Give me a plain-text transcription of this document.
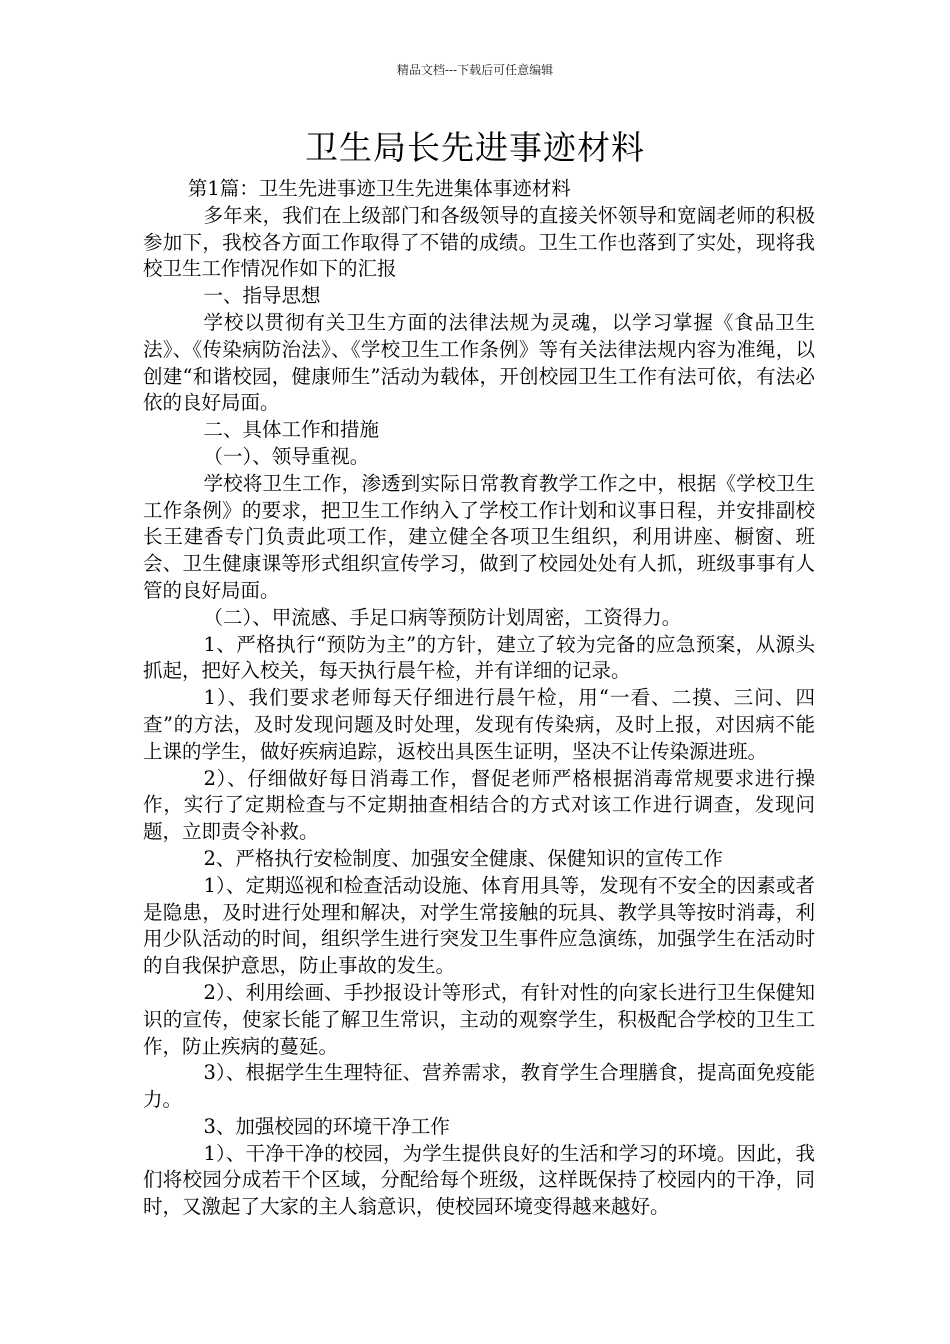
精品文档---下载后可任意编辑
卫生局长先进事迹材料

第1篇：卫生先进事迹卫生先进集体事迹材料

多年来，我们在上级部门和各级领导的直接关怀领导和宽阔老师的积极参加下，我校各方面工作取得了不错的成绩。卫生工作也落到了实处，现将我校卫生工作情况作如下的汇报

一、指导思想

学校以贯彻有关卫生方面的法律法规为灵魂，以学习掌握《食品卫生法》、《传染病防治法》、《学校卫生工作条例》等有关法律法规内容为准绳，以创建“和谐校园，健康师生”活动为载体，开创校园卫生工作有法可依，有法必依的良好局面。

二、具体工作和措施

（一）、领导重视。

学校将卫生工作，渗透到实际日常教育教学工作之中，根据《学校卫生工作条例》的要求，把卫生工作纳入了学校工作计划和议事日程，并安排副校长王建香专门负责此项工作，建立健全各项卫生组织，利用讲座、橱窗、班会、卫生健康课等形式组织宣传学习，做到了校园处处有人抓，班级事事有人管的良好局面。

（二）、甲流感、手足口病等预防计划周密，工资得力。

1、严格执行“预防为主”的方针，建立了较为完备的应急预案，从源头抓起，把好入校关，每天执行晨午检，并有详细的记录。

1）、我们要求老师每天仔细进行晨午检，用“一看、二摸、三问、四查”的方法，及时发现问题及时处理，发现有传染病，及时上报，对因病不能上课的学生，做好疾病追踪，返校出具医生证明，坚决不让传染源进班。

2）、仔细做好每日消毒工作，督促老师严格根据消毒常规要求进行操作，实行了定期检查与不定期抽查相结合的方式对该工作进行调查，发现问题，立即责令补救。

2、严格执行安检制度、加强安全健康、保健知识的宣传工作

1）、定期巡视和检查活动设施、体育用具等，发现有不安全的因素或者是隐患，及时进行处理和解决，对学生常接触的玩具、教学具等按时消毒，利用少队活动的时间，组织学生进行突发卫生事件应急演练，加强学生在活动时的自我保护意思，防止事故的发生。

2）、利用绘画、手抄报设计等形式，有针对性的向家长进行卫生保健知识的宣传，使家长能了解卫生常识，主动的观察学生，积极配合学校的卫生工作，防止疾病的蔓延。

3）、根据学生生理特征、营养需求，教育学生合理膳食，提高面免疫能力。

3、加强校园的环境干净工作

1）、干净干净的校园，为学生提供良好的生活和学习的环境。因此，我们将校园分成若干个区域，分配给每个班级，这样既保持了校园内的干净，同时，又激起了大家的主人翁意识，使校园环境变得越来越好。
